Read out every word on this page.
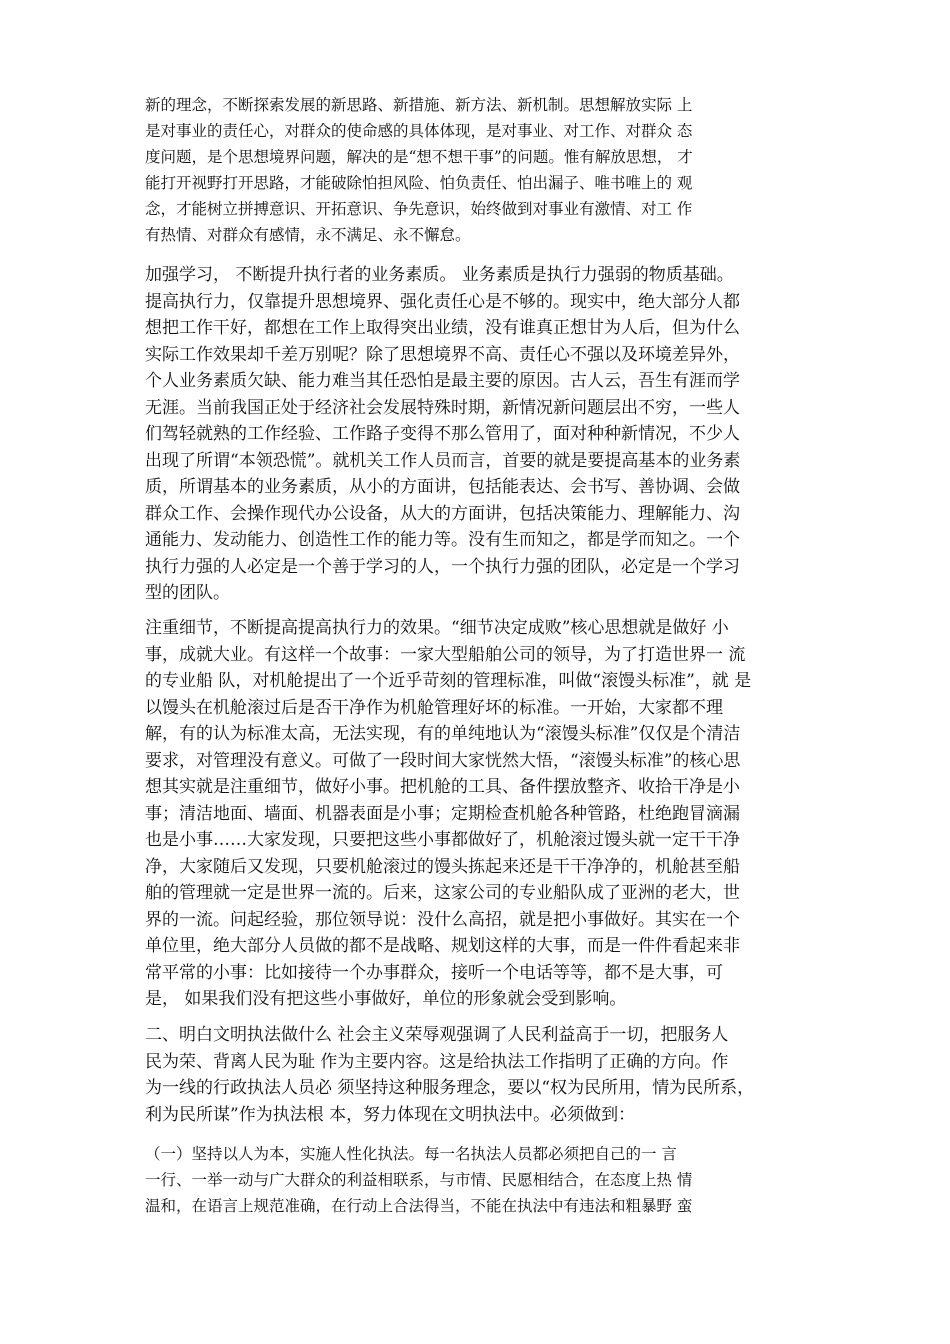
新的理念，不断探索发展的新思路、新措施、新方法、新机制。思想解放实际 上
是对事业的责任心，对群众的使命感的具体体现，是对事业、对工作、对群众 态
度问题，是个思想境界问题，解决的是“想不想干事”的问题。惟有解放思想， 才
能打开视野打开思路，才能破除怕担风险、怕负责任、怕出漏子、唯书唯上的 观
念，才能树立拼搏意识、开拓意识、争先意识，始终做到对事业有激情、对工 作
有热情、对群众有感情，永不满足、永不懈怠。
加强学习， 不断提升执行者的业务素质。 业务素质是执行力强弱的物质基础。
提高执行力，仅靠提升思想境界、强化责任心是不够的。现实中，绝大部分人都
想把工作干好，都想在工作上取得突出业绩，没有谁真正想甘为人后，但为什么
实际工作效果却千差万别呢？除了思想境界不高、责任心不强以及环境差异外，
个人业务素质欠缺、能力难当其任恐怕是最主要的原因。古人云，吾生有涯而学
无涯。当前我国正处于经济社会发展特殊时期，新情况新问题层出不穷，一些人
们驾轻就熟的工作经验、工作路子变得不那么管用了，面对种种新情况，不少人
出现了所谓“本领恐慌”。就机关工作人员而言，首要的就是要提高基本的业务素
质，所谓基本的业务素质，从小的方面讲，包括能表达、会书写、善协调、会做
群众工作、会操作现代办公设备，从大的方面讲，包括决策能力、理解能力、沟
通能力、发动能力、创造性工作的能力等。没有生而知之，都是学而知之。一个
执行力强的人必定是一个善于学习的人，一个执行力强的团队，必定是一个学习
型的团队。
注重细节，不断提高提高执行力的效果。“细节决定成败”核心思想就是做好 小
事，成就大业。有这样一个故事：一家大型船舶公司的领导，为了打造世界一 流
的专业船 队，对机舱提出了一个近乎苛刻的管理标准，叫做“滚馒头标准”，就 是
以馒头在机舱滚过后是否干净作为机舱管理好坏的标准。一开始，大家都不理
解，有的认为标准太高，无法实现，有的单纯地认为“滚馒头标准”仅仅是个清洁
要求，对管理没有意义。可做了一段时间大家恍然大悟，“滚馒头标准”的核心思
想其实就是注重细节，做好小事。把机舱的工具、备件摆放整齐、收拾干净是小
事；清洁地面、墙面、机器表面是小事；定期检查机舱各种管路，杜绝跑冒滴漏
也是小事……大家发现，只要把这些小事都做好了，机舱滚过馒头就一定干干净
净，大家随后又发现，只要机舱滚过的馒头拣起来还是干干净净的，机舱甚至船
舶的管理就一定是世界一流的。后来，这家公司的专业船队成了亚洲的老大，世
界的一流。问起经验，那位领导说：没什么高招，就是把小事做好。其实在一个
单位里，绝大部分人员做的都不是战略、规划这样的大事，而是一件件看起来非
常平常的小事：比如接待一个办事群众，接听一个电话等等，都不是大事，可
是， 如果我们没有把这些小事做好，单位的形象就会受到影响。
二、明白文明执法做什么 社会主义荣辱观强调了人民利益高于一切，把服务人
民为荣、背离人民为耻 作为主要内容。这是给执法工作指明了正确的方向。作
为一线的行政执法人员必 须坚持这种服务理念，要以“权为民所用，情为民所系，
利为民所谋”作为执法根 本，努力体现在文明执法中。必须做到：
（一）坚持以人为本，实施人性化执法。每一名执法人员都必须把自己的一 言
一行、一举一动与广大群众的利益相联系，与市情、民愿相结合，在态度上热 情
温和，在语言上规范准确，在行动上合法得当，不能在执法中有违法和粗暴野 蛮
